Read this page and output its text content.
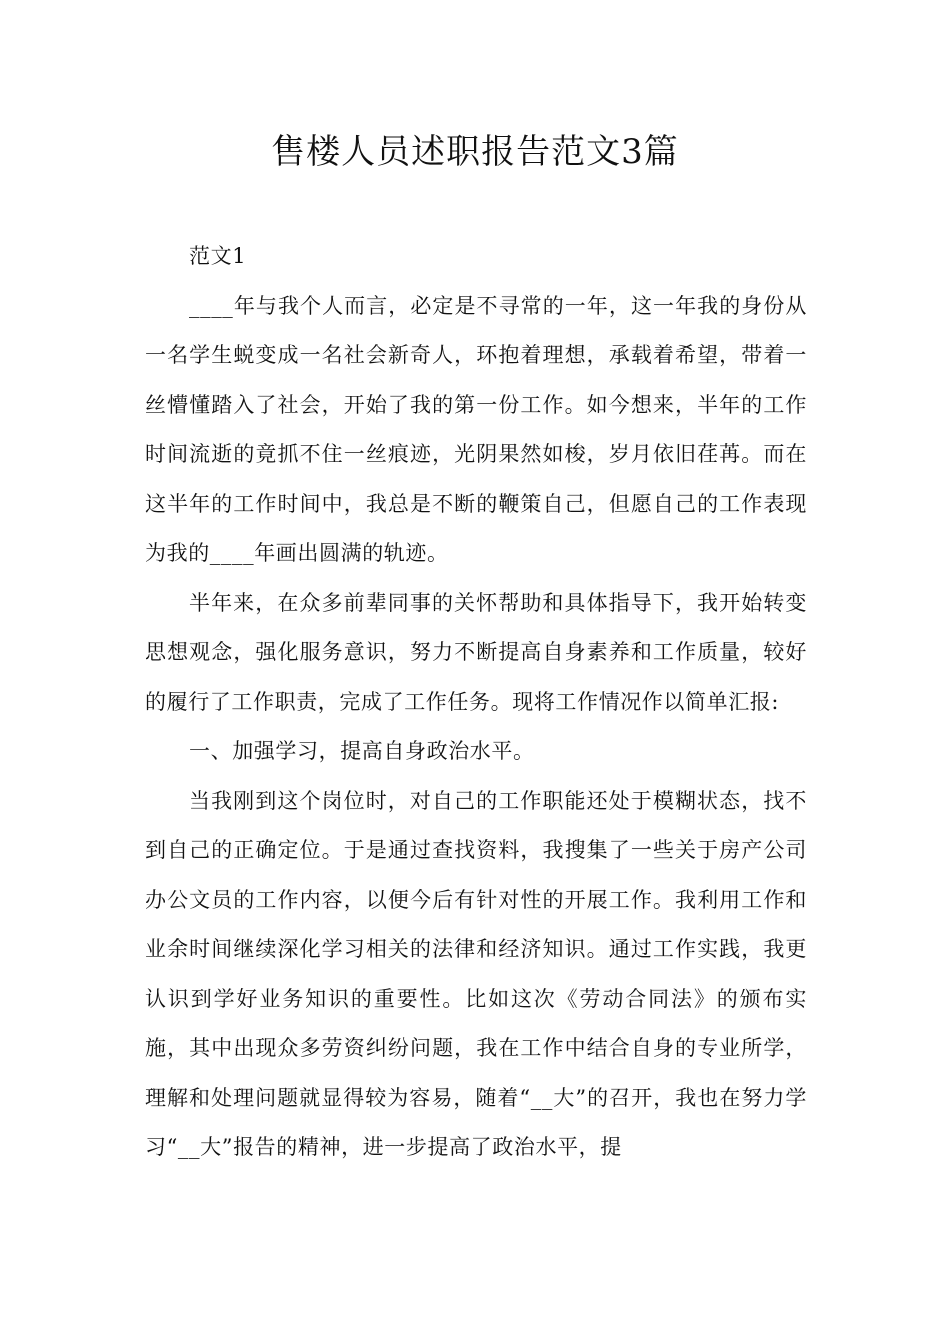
售楼人员述职报告范文3篇

范文1

____年与我个人而言，必定是不寻常的一年，这一年我的身份从一名学生蜕变成一名社会新奇人，环抱着理想，承载着希望，带着一丝懵懂踏入了社会，开始了我的第一份工作。如今想来，半年的工作时间流逝的竟抓不住一丝痕迹，光阴果然如梭，岁月依旧荏苒。而在这半年的工作时间中，我总是不断的鞭策自己，但愿自己的工作表现为我的____年画出圆满的轨迹。

半年来，在众多前辈同事的关怀帮助和具体指导下，我开始转变思想观念，强化服务意识，努力不断提高自身素养和工作质量，较好的履行了工作职责，完成了工作任务。现将工作情况作以简单汇报:

一、加强学习，提高自身政治水平。

当我刚到这个岗位时，对自己的工作职能还处于模糊状态，找不到自己的正确定位。于是通过查找资料，我搜集了一些关于房产公司办公文员的工作内容，以便今后有针对性的开展工作。我利用工作和业余时间继续深化学习相关的法律和经济知识。通过工作实践，我更认识到学好业务知识的重要性。比如这次《劳动合同法》的颁布实施，其中出现众多劳资纠纷问题，我在工作中结合自身的专业所学，理解和处理问题就显得较为容易，随着“__大”的召开，我也在努力学习“__大”报告的精神，进一步提高了政治水平，提
